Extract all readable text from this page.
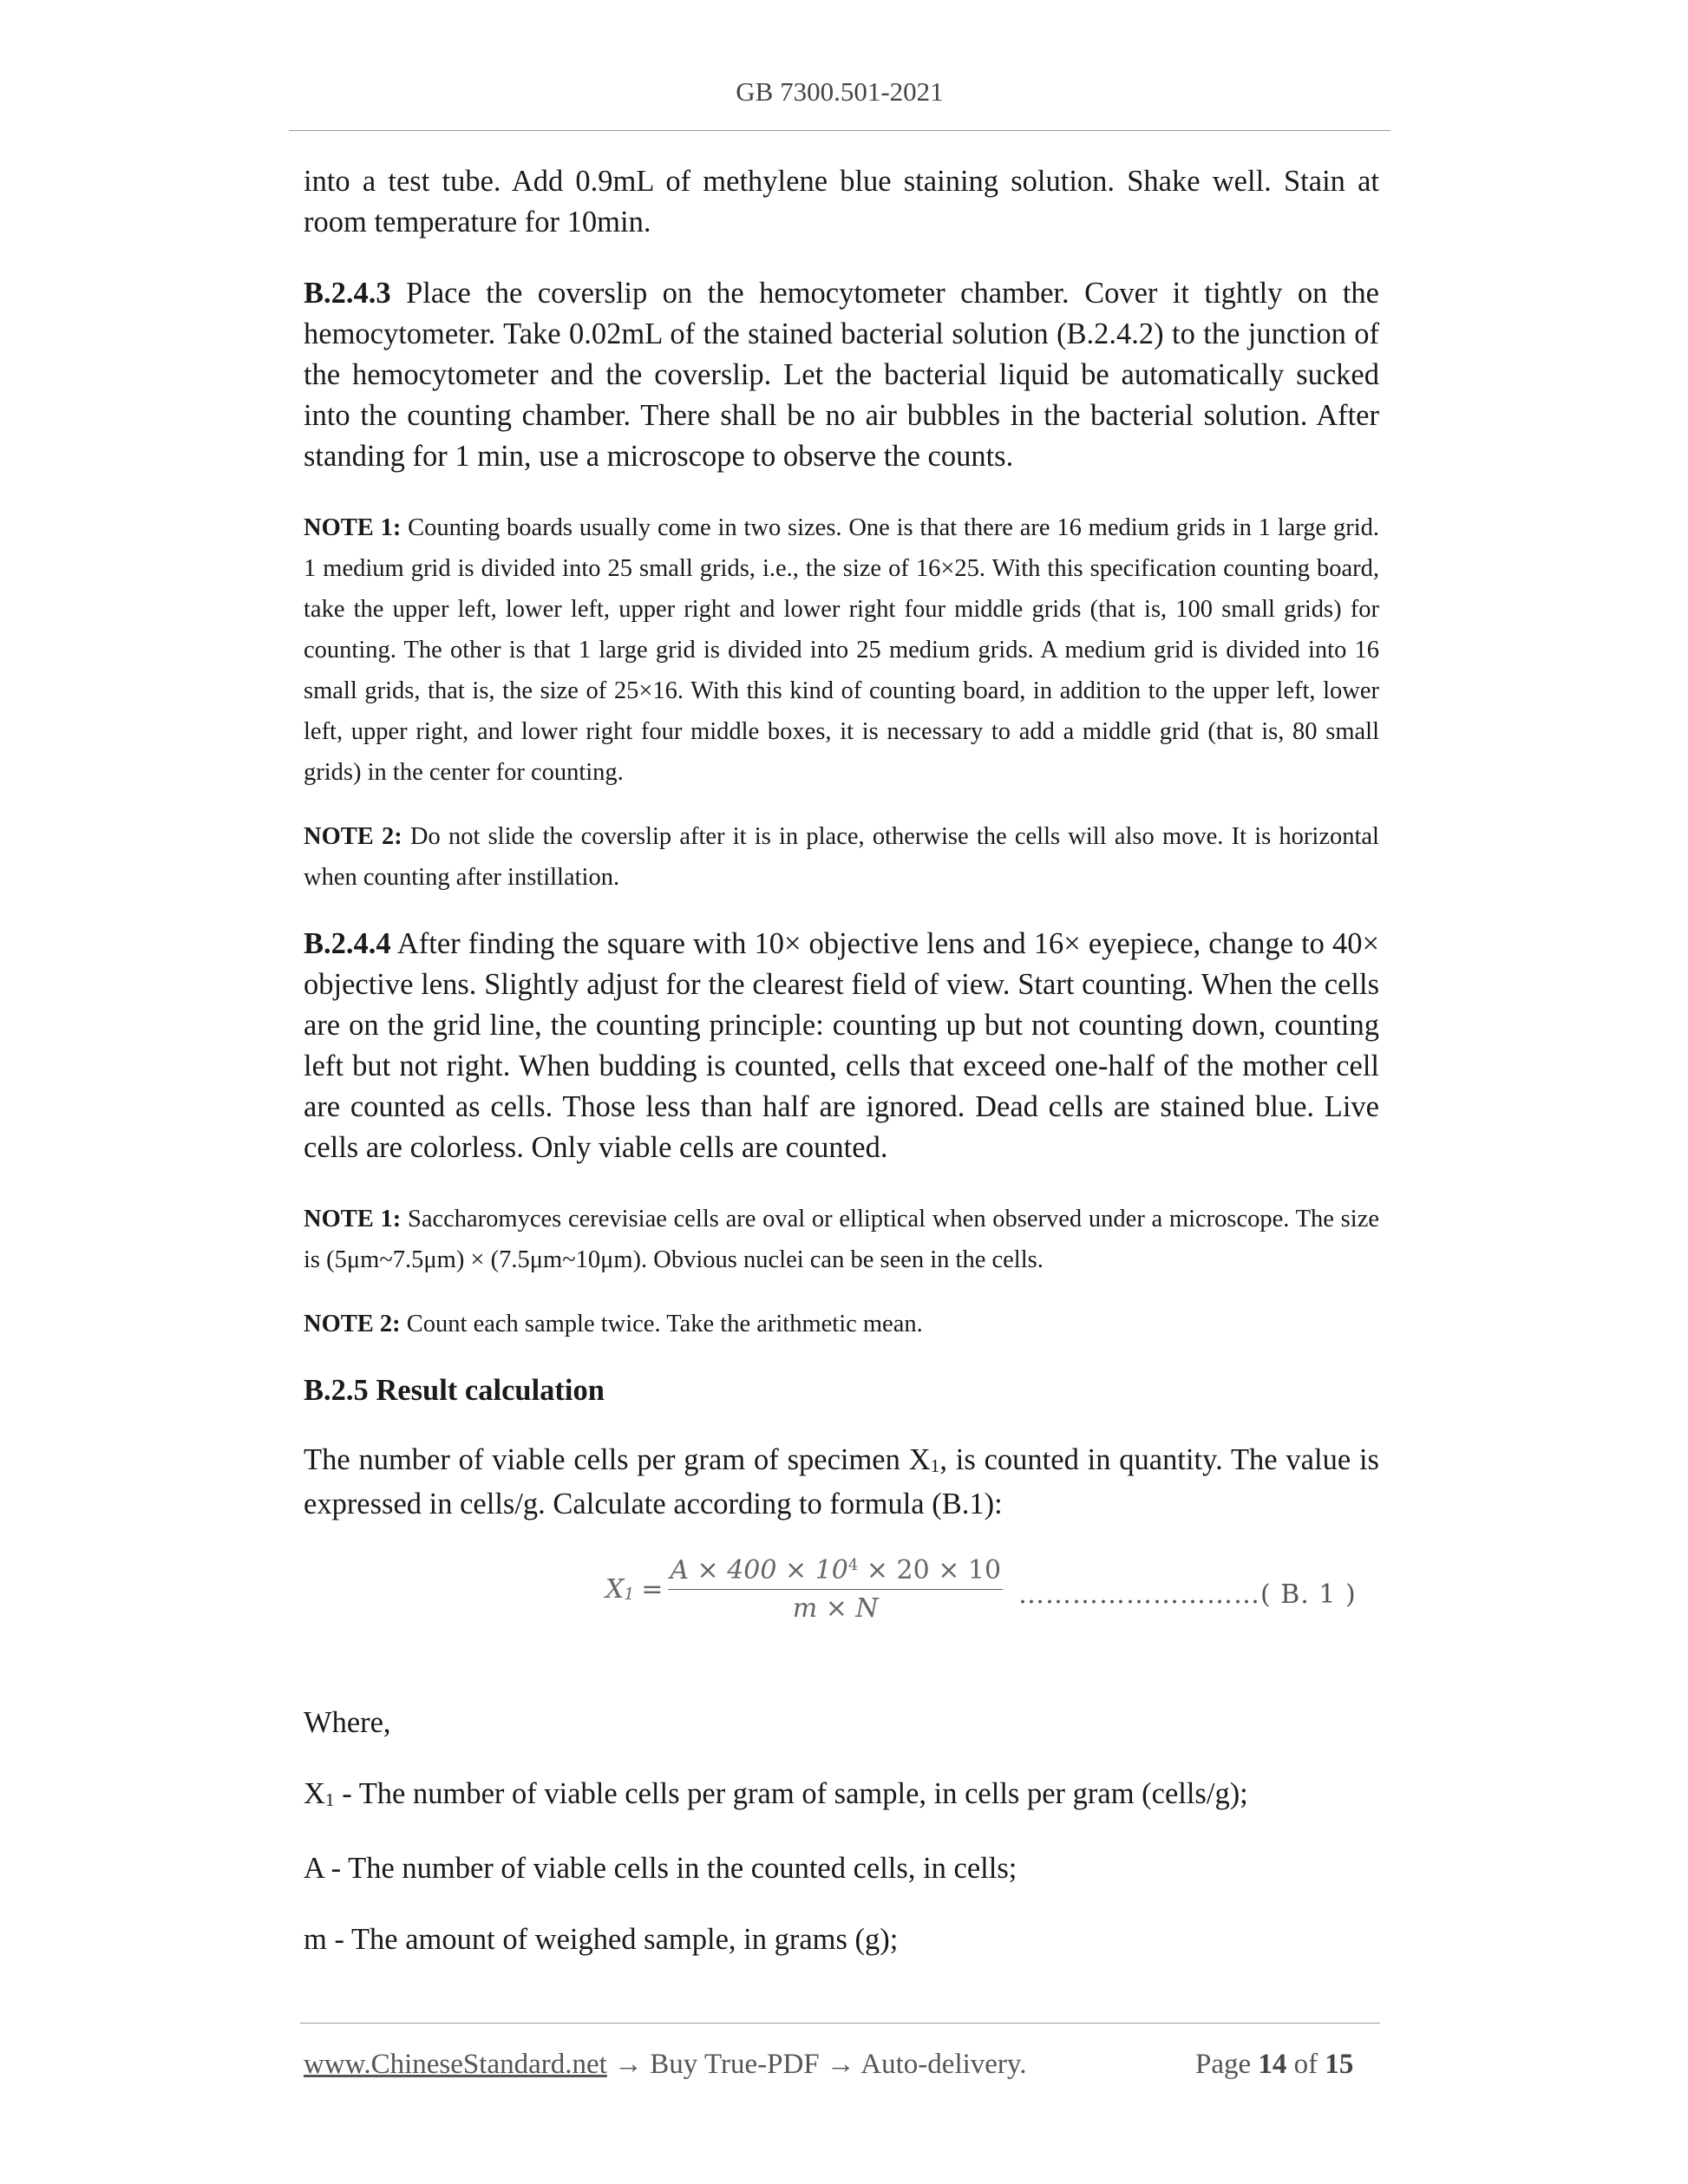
GB 7300.501-2021

into a test tube. Add 0.9mL of methylene blue staining solution. Shake well. Stain at room temperature for 10min.

B.2.4.3 Place the coverslip on the hemocytometer chamber. Cover it tightly on the hemocytometer. Take 0.02mL of the stained bacterial solution (B.2.4.2) to the junction of the hemocytometer and the coverslip. Let the bacterial liquid be automatically sucked into the counting chamber. There shall be no air bubbles in the bacterial solution. After standing for 1 min, use a microscope to observe the counts.

NOTE 1: Counting boards usually come in two sizes. One is that there are 16 medium grids in 1 large grid. 1 medium grid is divided into 25 small grids, i.e., the size of 16×25. With this specification counting board, take the upper left, lower left, upper right and lower right four middle grids (that is, 100 small grids) for counting. The other is that 1 large grid is divided into 25 medium grids. A medium grid is divided into 16 small grids, that is, the size of 25×16. With this kind of counting board, in addition to the upper left, lower left, upper right, and lower right four middle boxes, it is necessary to add a middle grid (that is, 80 small grids) in the center for counting.

NOTE 2: Do not slide the coverslip after it is in place, otherwise the cells will also move. It is horizontal when counting after instillation.

B.2.4.4 After finding the square with 10× objective lens and 16× eyepiece, change to 40× objective lens. Slightly adjust for the clearest field of view. Start counting. When the cells are on the grid line, the counting principle: counting up but not counting down, counting left but not right. When budding is counted, cells that exceed one-half of the mother cell are counted as cells. Those less than half are ignored. Dead cells are stained blue. Live cells are colorless. Only viable cells are counted.

NOTE 1: Saccharomyces cerevisiae cells are oval or elliptical when observed under a microscope. The size is (5μm~7.5μm) × (7.5μm~10μm). Obvious nuclei can be seen in the cells.

NOTE 2: Count each sample twice. Take the arithmetic mean.

B.2.5 Result calculation

The number of viable cells per gram of specimen X1, is counted in quantity. The value is expressed in cells/g. Calculate according to formula (B.1):

$X1 = \frac{A \times 400 \times 10^4 \times 20 \times 10}{m \times N}$ ………………………( B. 1 )

Where,

X1 - The number of viable cells per gram of sample, in cells per gram (cells/g);

A - The number of viable cells in the counted cells, in cells;

m - The amount of weighed sample, in grams (g);

www.ChineseStandard.net → Buy True-PDF → Auto-delivery.	Page 14 of 15
